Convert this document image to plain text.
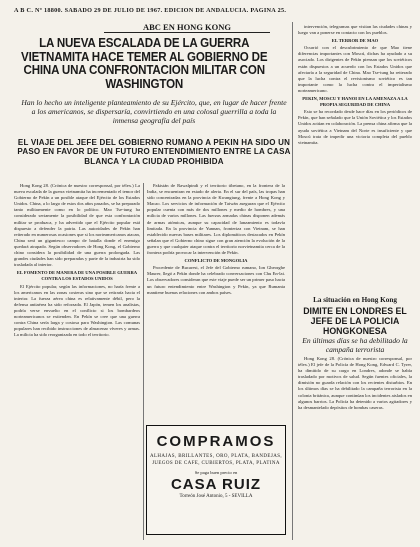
A B C. Nº 18800. SABADO 29 DE JULIO DE 1967. EDICION DE ANDALUCIA. PAGINA 25.
ABC EN HONG KONG
LA NUEVA ESCALADA DE LA GUERRA VIETNAMITA HACE TEMER AL GOBIERNO DE CHINA UNA CONFRONTACION MILITAR CON WASHINGTON
Han lo hecho un inteligente planteamiento de su Ejército, que, en lugar de hacer frente a los americanos, se dispersaría, convirtiendo en una colosal guerrilla a toda la inmensa geografía del país
EL VIAJE DEL JEFE DEL GOBIERNO RUMANO A PEKIN HA SIDO UN PASO EN FAVOR DE UN FUTURO ENTENDIMIENTO ENTRE LA CASA BLANCA Y LA CIUDAD PROHIBIDA

Hong Kong 28. (Crónica de nuestro corresponsal, por télex.) La nueva escalada de la guerra vietnamita ha incrementado el temor del Gobierno de Pekín a un posible ataque del Ejército de los Estados Unidos. China, a lo largo de estos dos años pasados, se ha preparado tanto militarmente como en lo político. Mao Tse-tung ha considerado seriamente la posibilidad de que esta confrontación militar se produzca, y ha advertido que el Ejército popular está dispuesto a defender la patria. Las autoridades de Pekín han reiterado en numerosas ocasiones que si los norteamericanos atacan, China será un gigantesco campo de batalla donde el enemigo quedará atrapado. Según observadores de Hong Kong, el Gobierno chino considera la posibilidad de una guerra prolongada. Las grandes ciudades han sido preparadas y parte de la industria ha sido trasladada al interior.

EL FOMENTO DE MANERA DE UNA POSIBLE GUERRA CONTRA LOS ESTADOS UNIDOS

El Ejército popular, según las informaciones, no haría frente a los americanos en las zonas costeras sino que se retiraría hacia el interior. La fuerza aérea china es relativamente débil, pero la defensa antiaérea ha sido reforzada. El Japón, temen los analistas, podría verse envuelto en el conflicto si los bombardeos norteamericanos se extienden. En Pekín se cree que una guerra contra China sería larga y costosa para Washington. Las comunas populares han recibido instrucciones de almacenar víveres y armas. La milicia ha sido reorganizada en todo el territorio.

Pakistán de Rawalpindi y el territorio tibetano, en la frontera de la India, se encuentran en estado de alerta. En el sur del país, las tropas han sido concentradas en la provincia de Kwangtung, frente a Hong Kong y Macao. Los servicios de información de Taiwán aseguran que el Ejército popular cuenta con más de dos millones y medio de hombres, y una milicia de varios millones. Las fuerzas armadas chinas disponen además de armas atómicas, aunque su capacidad de lanzamiento es todavía limitada. En la provincia de Yunnan, fronteriza con Vietnam, se han establecido nuevas bases militares. Los diplomáticos destacados en Pekín señalan que el Gobierno chino sigue con gran atención la evolución de la guerra y que cualquier ataque contra el territorio norvietnamita cerca de la frontera podría provocar la intervención de Pekín.

CONFLICTO DE MONGOLIA

Procedente de Bucarest, el Jefe del Gobierno rumano, Ion Gheorghe Maurer, llegó a Pekín donde ha celebrado conversaciones con Chu En-lai. Los observadores consideran que este viaje puede ser un primer paso hacia un futuro entendimiento entre Washington y Pekín, ya que Rumania mantiene buenas relaciones con ambos países.

COMPRAMOS
ALHAJAS, BRILLANTES, ORO, PLATA, BANDEJAS, JUEGOS DE CAFE, CUBIERTOS, PLATA, PLATINA
Se paga buen precio en
CASA RUIZ
Torreón José Antonio, 5 - SEVILLA

intervención, telegramas que visitan las ciudades chinas y luego van a ponerse en contacto con los pueblos.

EL TERROR DE MAO

Ocurrió con el descubrimiento de que Mao tiene diferencias importantes con Moscú, dichas ha ayudado a su asociado. Los dirigentes de Pekín piensan que los soviéticos están dispuestos a un acuerdo con los Estados Unidos que afectaría a la seguridad de China. Mao Tse-tung ha reiterado que la lucha contra el revisionismo soviético es tan importante como la lucha contra el imperialismo norteamericano.

PEKIN, MOSCU Y HANOI EN LA AMENAZA A LA PROPIA SEGURIDAD DE CHINA

Esto se ha recordado desde hace días en los periódicos de Pekín, que han señalado que la Unión Soviética y los Estados Unidos actúan en colaboración. La prensa china afirma que la ayuda soviética a Vietnam del Norte es insuficiente y que Moscú trata de impedir una victoria completa del pueblo vietnamita.

La situación en Hong Kong
DIMITE EN LONDRES EL JEFE DE LA POLICIA HONGKONESA
En últimas días se ha debilitado la campaña terrorista

Hong Kong 28. (Crónica de nuestro corresponsal, por télex.) El jefe de la Policía de Hong Kong, Edward C. Tyrer, ha dimitido de su cargo en Londres, adonde se había trasladado por motivos de salud. Según fuentes oficiales, la dimisión no guarda relación con los recientes disturbios. En los últimos días se ha debilitado la campaña terrorista en la colonia británica, aunque continúan los incidentes aislados en algunos barrios. La Policía ha detenido a varios agitadores y ha desmantelado depósitos de bombas caseras.
